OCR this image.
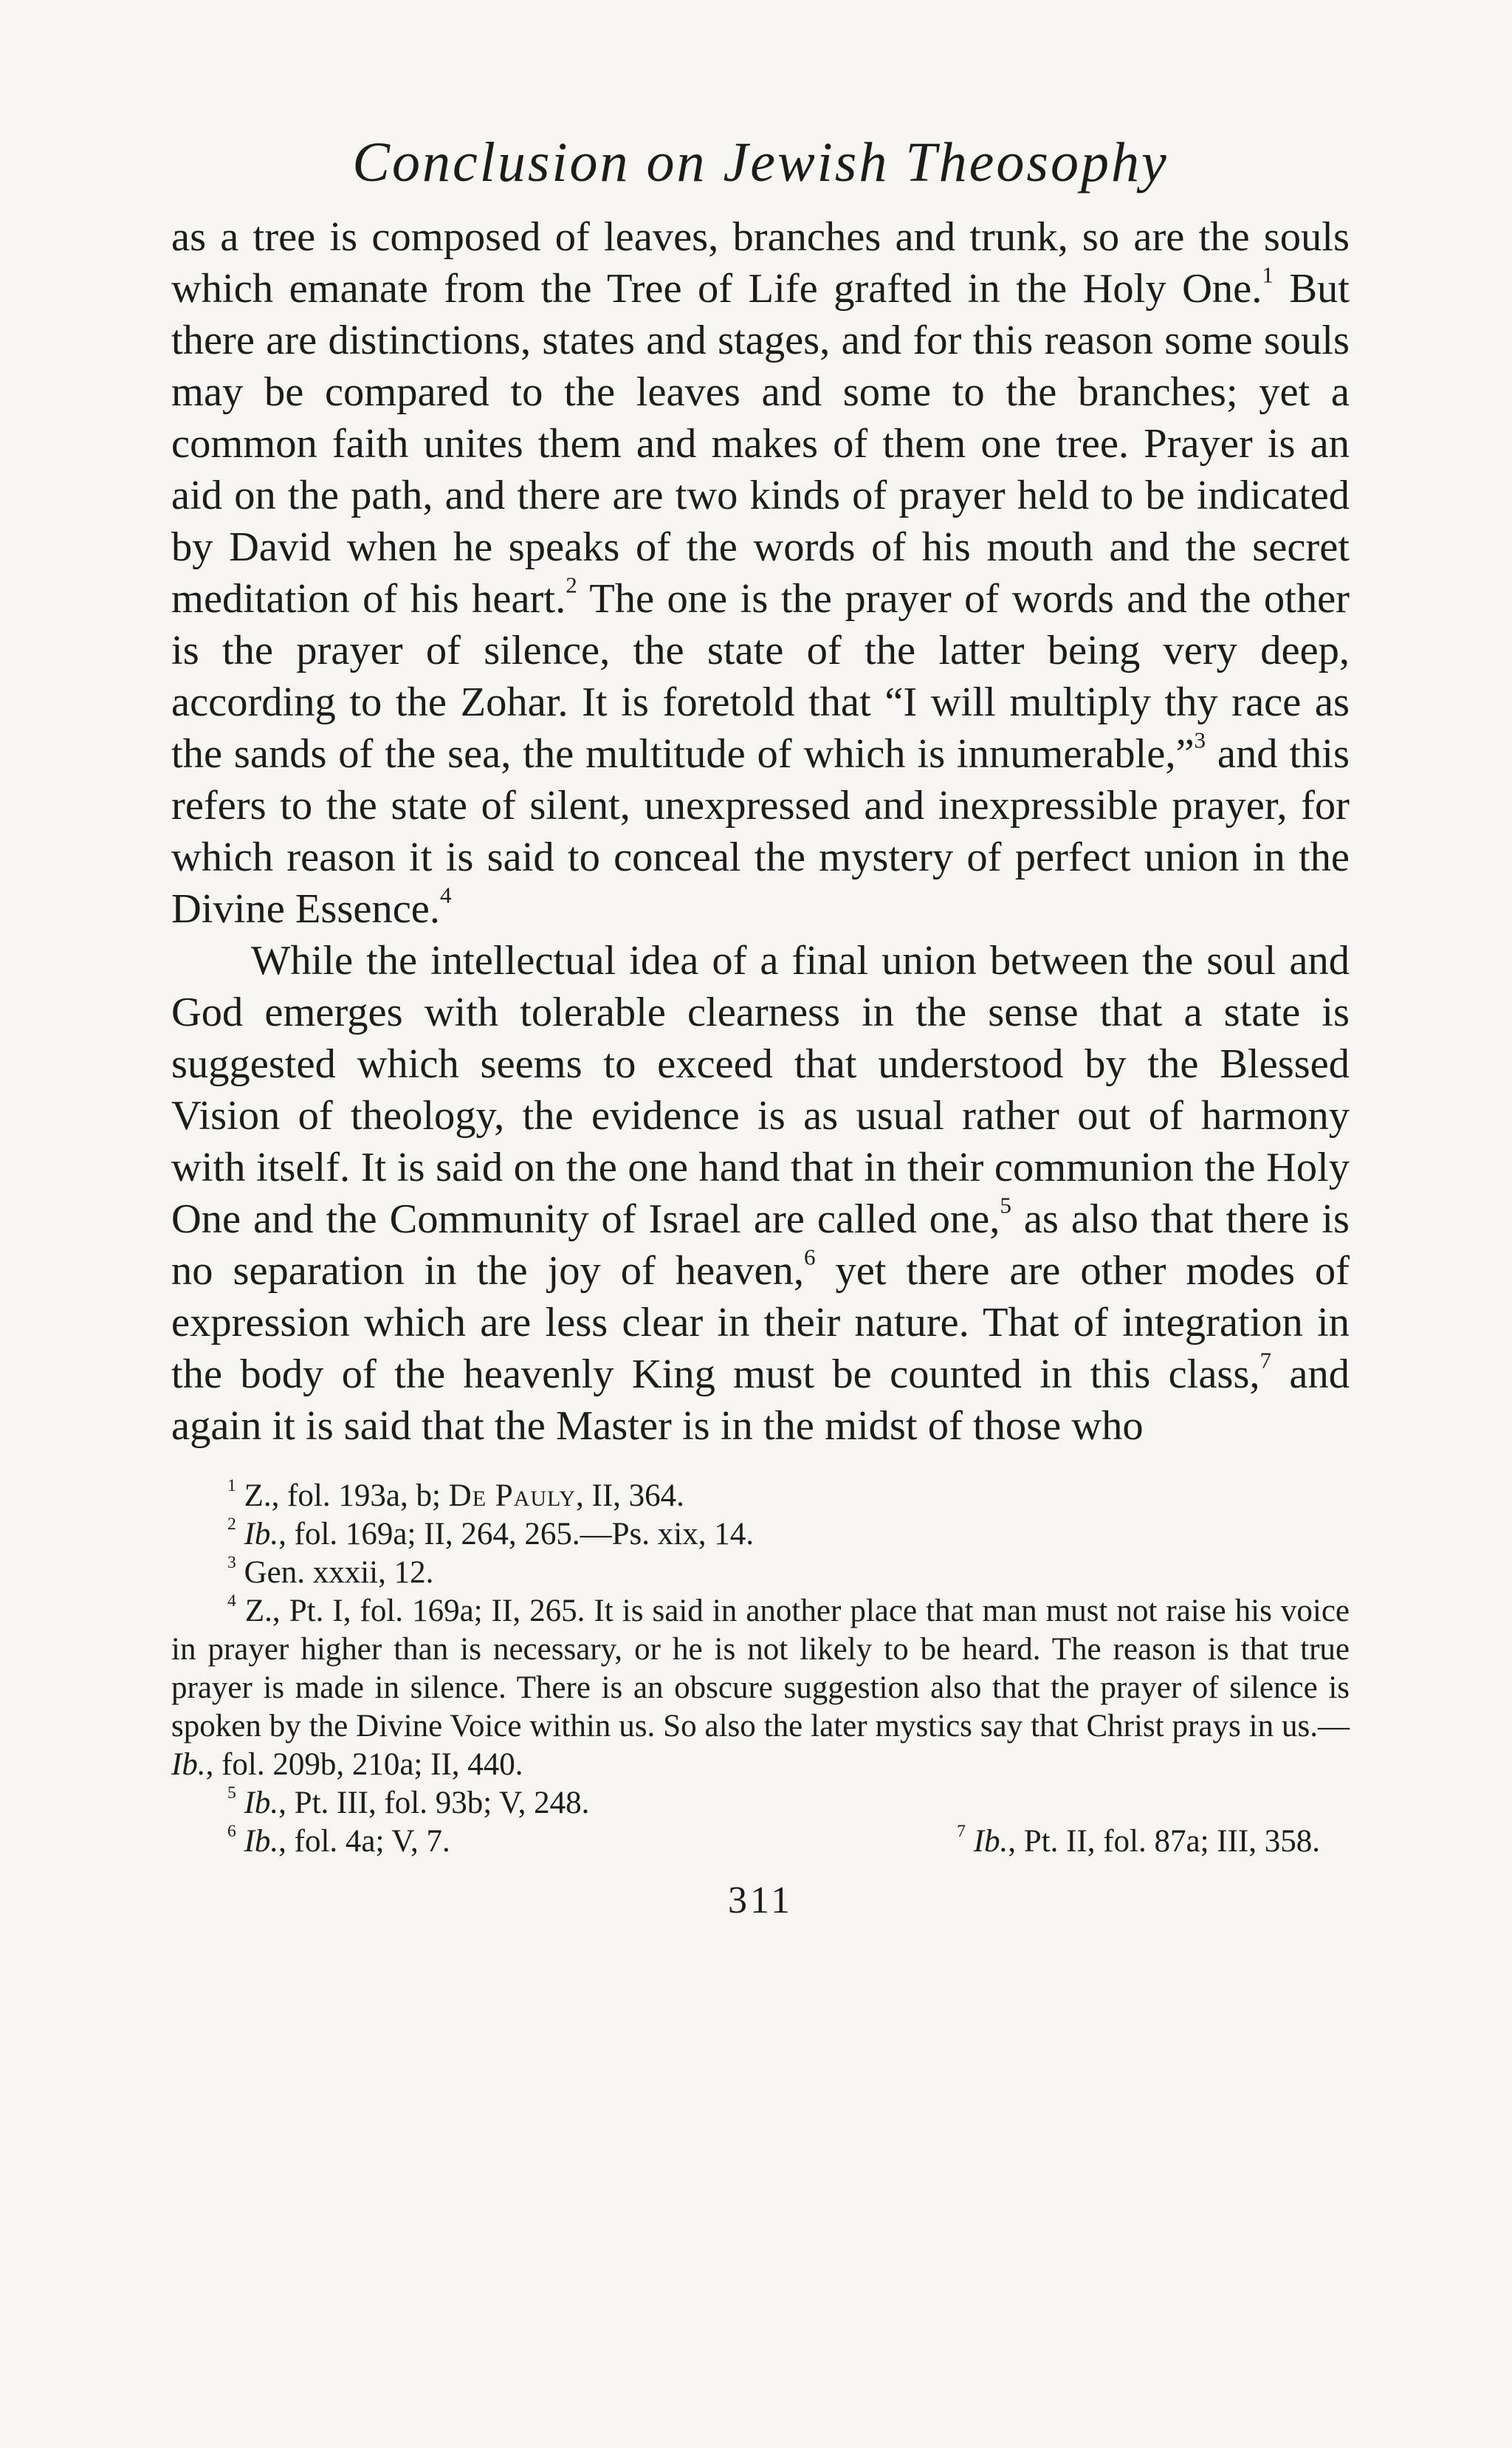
Conclusion on Jewish Theosophy

as a tree is composed of leaves, branches and trunk, so are the souls which emanate from the Tree of Life grafted in the Holy One.$^1$ But there are distinctions, states and stages, and for this reason some souls may be compared to the leaves and some to the branches; yet a common faith unites them and makes of them one tree. Prayer is an aid on the path, and there are two kinds of prayer held to be indicated by David when he speaks of the words of his mouth and the secret meditation of his heart.$^2$ The one is the prayer of words and the other is the prayer of silence, the state of the latter being very deep, according to the Zohar. It is foretold that “I will multiply thy race as the sands of the sea, the multitude of which is innumerable,”$^3$ and this refers to the state of silent, unexpressed and inexpressible prayer, for which reason it is said to conceal the mystery of perfect union in the Divine Essence.$^4$

While the intellectual idea of a final union between the soul and God emerges with tolerable clearness in the sense that a state is suggested which seems to exceed that understood by the Blessed Vision of theology, the evidence is as usual rather out of harmony with itself. It is said on the one hand that in their communion the Holy One and the Community of Israel are called one,$^5$ as also that there is no separation in the joy of heaven,$^6$ yet there are other modes of expression which are less clear in their nature. That of integration in the body of the heavenly King must be counted in this class,$^7$ and again it is said that the Master is in the midst of those who

$^1$ Z., fol. 193a, b; De Pauly, II, 364.

$^2$ Ib., fol. 169a; II, 264, 265.—Ps. xix, 14.

$^3$ Gen. xxxii, 12.

$^4$ Z., Pt. I, fol. 169a; II, 265. It is said in another place that man must not raise his voice in prayer higher than is necessary, or he is not likely to be heard. The reason is that true prayer is made in silence. There is an obscure suggestion also that the prayer of silence is spoken by the Divine Voice within us. So also the later mystics say that Christ prays in us.—Ib., fol. 209b, 210a; II, 440.

$^5$ Ib., Pt. III, fol. 93b; V, 248.

$^6$ Ib., fol. 4a; V, 7.	$^7$ Ib., Pt. II, fol. 87a; III, 358.
311
